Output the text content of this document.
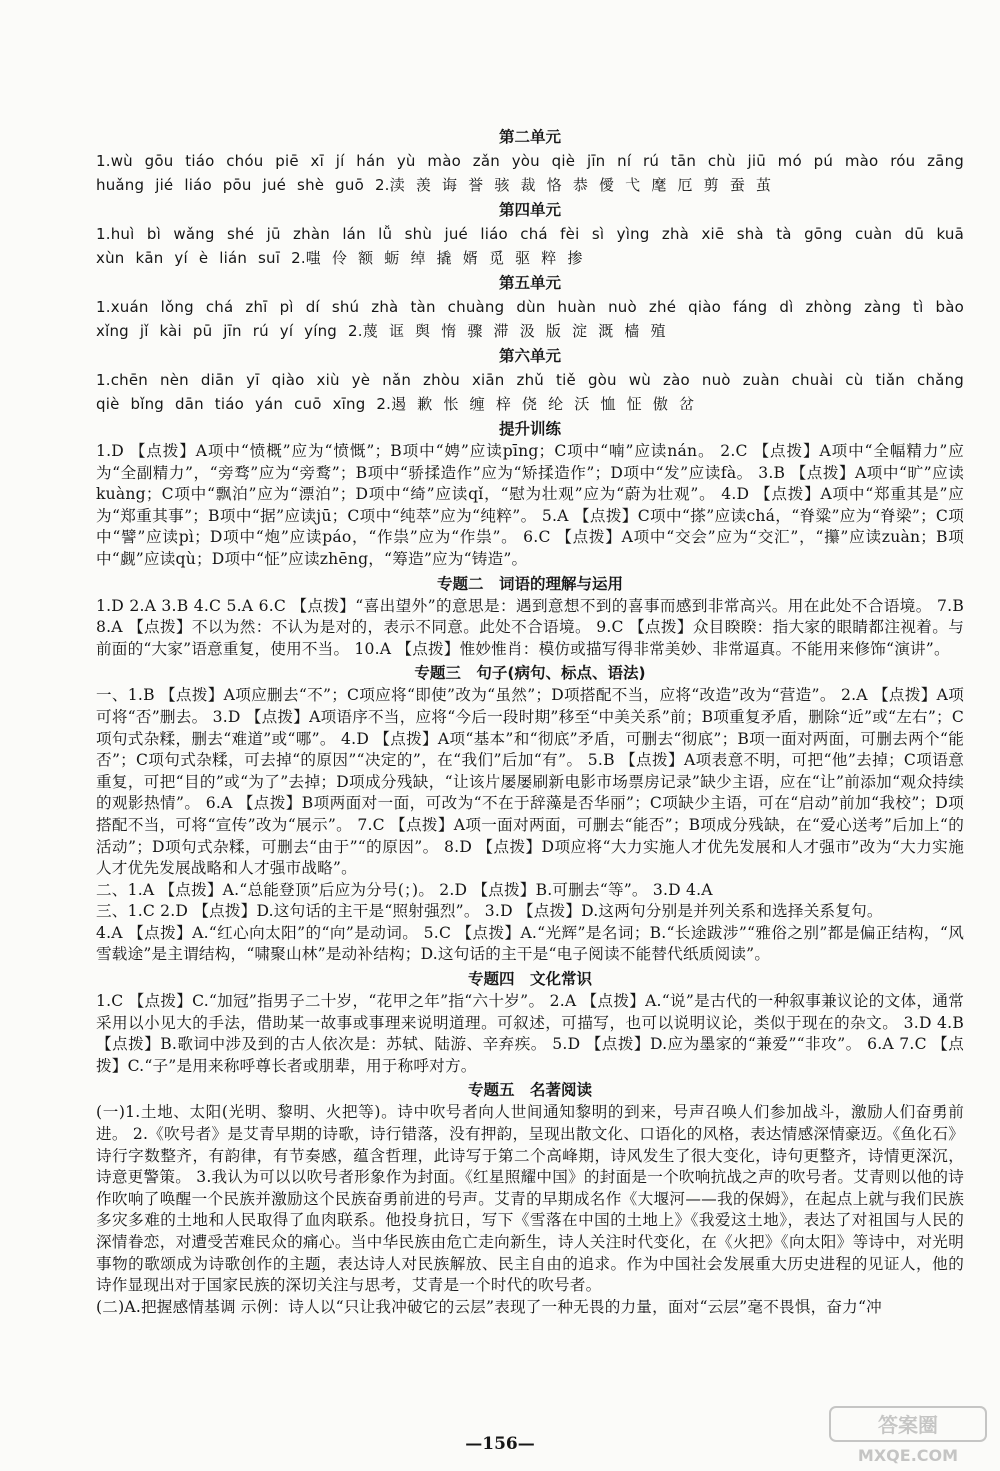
第二单元

1.wù gōu tiáo chóu piē xī jí hán yù mào zǎn yòu qiè jīn ní rú tān chù jiū mó pú mào róu zāng huǎng jié liáo pōu jué shè guō 2.渎 羡 诲 誉 骇 裁 恪 恭 僾 弋 麾 厄 剪 蚕 茧

第四单元

1.huì bì wǎng shé jū zhàn lán lǚ shù jué liáo chá fèi sì yìng zhà xiē shà tà gōng cuàn dū kuā xùn kān yí è lián suī 2.嗤 伶 额 蛎 绰 撬 婿 觅 驱 粹 掺

第五单元

1.xuán lǒng chá zhī pì dí shú zhà tàn chuàng dùn huàn nuò zhé qiào fáng dì zhòng zàng tì bào xǐng jǐ kài pū jīn rú yí yíng 2.蔑 诓 舆 惰 骤 滞 汲 版 淀 溉 樯 殖

第六单元

1.chēn nèn diān yī qiào xiù yè nǎn zhòu xiān zhǔ tiě gòu wù zào nuò zuàn chuài cù tiǎn chǎng qiè bǐng dān tiáo yán cuō xīng 2.遏 歉 怅 缠 梓 侥 纶 沃 恤 怔 傲 岔

提升训练

1.D 【点拨】A项中“愤概”应为“愤慨”；B项中“娉”应读pīng；C项中“喃”应读nán。 2.C 【点拨】A项中“全幅精力”应为“全副精力”，“旁骛”应为“旁鹜”；B项中“骄揉造作”应为“矫揉造作”；D项中“发”应读fà。 3.B 【点拨】A项中“旷”应读kuàng；C项中“飘泊”应为“漂泊”；D项中“绮”应读qǐ，“慰为壮观”应为“蔚为壮观”。 4.D 【点拨】A项中“郑重其是”应为“郑重其事”；B项中“据”应读jū；C项中“纯萃”应为“纯粹”。 5.A 【点拨】C项中“搽”应读chá，“脊粱”应为“脊梁”；C项中“譬”应读pì；D项中“炮”应读páo，“作祟”应为“作祟”。 6.C 【点拨】A项中“交会”应为“交汇”，“攥”应读zuàn；B项中“觑”应读qù；D项中“怔”应读zhēng，“筹造”应为“铸造”。

专题二　词语的理解与运用

1.D 2.A 3.B 4.C 5.A 6.C 【点拨】“喜出望外”的意思是：遇到意想不到的喜事而感到非常高兴。用在此处不合语境。 7.B 8.A 【点拨】不以为然：不认为是对的，表示不同意。此处不合语境。 9.C 【点拨】众目睽睽：指大家的眼睛都注视着。与前面的“大家”语意重复，使用不当。 10.A 【点拨】惟妙惟肖：模仿或描写得非常美妙、非常逼真。不能用来修饰“演讲”。

专题三　句子(病句、标点、语法)

一、1.B 【点拨】A项应删去“不”；C项应将“即使”改为“虽然”；D项搭配不当，应将“改造”改为“营造”。 2.A 【点拨】A项可将“否”删去。 3.D 【点拨】A项语序不当，应将“今后一段时期”移至“中美关系”前；B项重复矛盾，删除“近”或“左右”；C项句式杂糅，删去“难道”或“哪”。 4.D 【点拨】A项“基本”和“彻底”矛盾，可删去“彻底”；B项一面对两面，可删去两个“能否”；C项句式杂糅，可去掉“的原因”“决定的”，在“我们”后加“有”。 5.B 【点拨】A项表意不明，可把“他”去掉；C项语意重复，可把“目的”或“为了”去掉；D项成分残缺，“让该片屡屡刷新电影市场票房记录”缺少主语，应在“让”前添加“观众持续的观影热情”。 6.A 【点拨】B项两面对一面，可改为“不在于辞藻是否华丽”；C项缺少主语，可在“启动”前加“我校”；D项搭配不当，可将“宣传”改为“展示”。 7.C 【点拨】A项一面对两面，可删去“能否”；B项成分残缺，在“爱心送考”后加上“的活动”；D项句式杂糅，可删去“由于”“的原因”。 8.D 【点拨】D项应将“大力实施人才优先发展和人才强市”改为“大力实施人才优先发展战略和人才强市战略”。

二、1.A 【点拨】A.“总能登顶”后应为分号(；)。 2.D 【点拨】B.可删去“等”。 3.D 4.A

三、1.C 2.D 【点拨】D.这句话的主干是“照射强烈”。 3.D 【点拨】D.这两句分别是并列关系和选择关系复句。

4.A 【点拨】A.“红心向太阳”的“向”是动词。 5.C 【点拨】A.“光辉”是名词；B.“长途跋涉”“雅俗之别”都是偏正结构，“风雪载途”是主谓结构，“啸聚山林”是动补结构；D.这句话的主干是“电子阅读不能替代纸质阅读”。

专题四　文化常识

1.C 【点拨】C.“加冠”指男子二十岁，“花甲之年”指“六十岁”。 2.A 【点拨】A.“说”是古代的一种叙事兼议论的文体，通常采用以小见大的手法，借助某一故事或事理来说明道理。可叙述，可描写，也可以说明议论，类似于现在的杂文。 3.D 4.B 【点拨】B.歌词中涉及到的古人依次是：苏轼、陆游、辛弃疾。 5.D 【点拨】D.应为墨家的“兼爱”“非攻”。 6.A 7.C 【点拨】C.“子”是用来称呼尊长者或朋辈，用于称呼对方。

专题五　名著阅读

(一)1.土地、太阳(光明、黎明、火把等)。诗中吹号者向人世间通知黎明的到来，号声召唤人们参加战斗，激励人们奋勇前进。 2.《吹号者》是艾青早期的诗歌，诗行错落，没有押韵，呈现出散文化、口语化的风格，表达情感深情豪迈。《鱼化石》诗行字数整齐，有韵律，有节奏感，蕴含哲理，此诗写于第二个高峰期，诗风发生了很大变化，诗句更整齐，诗情更深沉，诗意更警策。 3.我认为可以以吹号者形象作为封面。《红星照耀中国》的封面是一个吹响抗战之声的吹号者。艾青则以他的诗作吹响了唤醒一个民族并激励这个民族奋勇前进的号声。艾青的早期成名作《大堰河——我的保姆》，在起点上就与我们民族多灾多难的土地和人民取得了血肉联系。他投身抗日，写下《雪落在中国的土地上》《我爱这土地》，表达了对祖国与人民的深情眷恋，对遭受苦难民众的痛心。当中华民族由危亡走向新生，诗人关注时代变化，在《火把》《向太阳》等诗中，对光明事物的歌颂成为诗歌创作的主题，表达诗人对民族解放、民主自由的追求。作为中国社会发展重大历史进程的见证人，他的诗作显现出对于国家民族的深切关注与思考，艾青是一个时代的吹号者。

(二)A.把握感情基调 示例：诗人以“只让我冲破它的云层”表现了一种无畏的力量，面对“云层”毫不畏惧，奋力“冲

—156—
答案圈
MXQE.COM
